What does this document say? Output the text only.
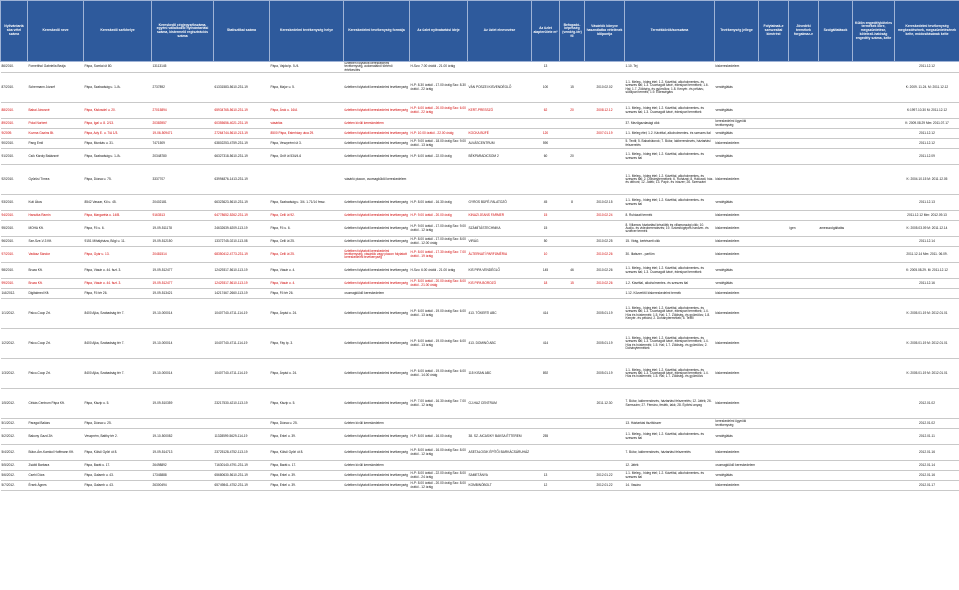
Nyilvántartá sba vétel száma	Kereskedő neve	Kereskedő székhelye	Kereskedő cégjegyzékszáma, egyéni vállalkozói nyilvántartási száma, kistermelő regisztrációs száma	Statisztikai száma	Kereskedelmi tevékenység helye	Kereskedelmi tevékenység formája	Az üzlet nyitvatartási ideje	Az üzlet elnevezése	Az üzlet alapterülete m²	Befogadó-képesség (vendég-tér) fő	Vásárlók könyve használatba vételének időpontja	Termékkörök/sorszáma	Tevékenység jellege	Folytatnak-e szeszesital kimérést	Jövedéki termékek forgalmaz-e	Szolgáltatások	Külön engedélyköteles termékek köre, megszüntetése, kötelező-hatóság engedély száma, kelte	Kereskedelmi tevékenység megkezdésének, megszüntetésének kelte, módosításának kelte
86/2010.	Fornetthol Gabriella Beája	Pápa, Somlai út 80.	13113145		Pápa, Vajda tp. 5./4.	üzletben folytatott kereskedelmi tevékenység, automatából történő értékesítés	H-Szo: 7.00 órától - 21.00 óráig		13			1.10. Tej	kiskereskedelem					2011.12.12
87/2010.	Schermann József	Pápa, Szabadság u. 1./A.	2737892	61331583-5610-231-19	Pápa, Major u. 5.	üzletben folytatott kereskedelmi tevékenység	H-P: 8.30 órától - 17.00 óráig Szo: 8.30 órától - 22 óráig	VÁN POSZEI KISVENDÉGLŐ	100	15	2010.02.02	1.1. Meleg-, hideg étel; 1.2. Kávéital, alkoholmentes- és szeszes ital; 1.3. Csomagolt kávé, édesipari termékek; 1.6. Hal; 1.7. Zöldség- és gyümölcs; 1.8. Kenyér- és pékáru, sütőipari termék; 1.9. Édességáru	vendéglátás					K: 2009. 11.24. M: 2011.12.12
88/2010.	Babai Jánosné	Pápa, Kiskradel u. 20.	27015894	65934765-5610-231-19	Pápa, Árok u. 16/A	üzletben folytatott kereskedelmi tevékenység	H-P: 6.00 órától - 20.00 óráig Szo: 6.00 órától - 22 óráig	KERT-PRESSZÓ	62	20	2008.12.12	1.1. Meleg-, hideg étel; 1.2. Kávéital, alkoholmentes- és szeszes ital; 1.3. Csomagolt kávé, édesipari termékek	vendéglátás					K:1997.10.30 M: 2011.12.12
89/2010.	Polai Norbert	Pápa, Igal u. 8. 2/13.	20383957	60355656-4021-231-19	vásárlás	üzleten kívüli kereskedelem						37. Mezőgazdasági cikk	kereskedelmi ügynöki tevékenység					K: 2009.08.29 Mm: 2011.07.17
9/2009.	Kozma Gazins Bt.	Pápa, Ady E. u. 7/A 1/3.	19-06-509471	27264744-5610-213-19	8500 Pápa, Esterházy utca 29.	üzletben folytatott kereskedelmi tevékenység	H-P: 10.00 órától - 22.00 óráig	KOCKA BÜFÉ	120		2007.01.19	1.1. Meleg étel; 1.2. Kávéital, alkoholmentes- és szeszes ital	vendéglátás					2011.12.12
90/2010.	Pang Emil	Pápa, Munkás u. 31.	7471509	63802253-4759-231-19	Pápa, Veszprémi út 3.	üzletben folytatott kereskedelmi tevékenység	H-P: 9.00 órától - 18.00 óráig Szo: 9.00 órától - 13 óráig	ALVÁSCENTRUM	590			5. Textil; 5. Bababútorok; 7. Bútor, lakberendezés, háztartási felszerelés	kiskereskedelem					2011.12.12
91/2010.	Csík Károly Balázsné	Pápa, Szabadság u. 1./A.	20348780	66327318-5610-231-19	Pápa, Grőf út 534/4-6	üzletben folytatott kereskedelmi tevékenység	H-P: 6.00 órától - 22.00 óráig	BÉKPARADICSOM 2	60	20		1.1. Meleg-, hideg étel; 1.2. Kávéital, alkoholmentes- és szeszes ital	vendéglátás					2011.12.09
92/2010.	Gyürüsi Tímea	Pápa, Dózsa u. 75.	3337707	63994876-1413-231-19		vásárló piacon, csomagküldő kereskedelem						1.1. Meleg-, hideg étel; 1.2. Kávéital, alkoholmentes- és szeszes ital; 2. Dohánytermékek; 6. Ruházat; 8. Hálózati, ház- és otthoni; 12. Játék; 13. Papír- és írószer; 26. Szerszám	kiskereskedelem					K: 2004.10.15 M: 2011.12.05
93/2010.	Kuti Ákos	8542 Vaszar, Kő u. 45.	20402181	66323623-5610-231-19	Pápa, Szabadság u. 3/4. 1.71/14 fmsz.	üzletben folytatott kereskedelmi tevékenység	H-P: 8.00 órától - 16.30 óráig	GYROS BÜFÉ-FALATOZÓ	45	8	2010.02.15	1.1. Meleg-, hideg étel; 1.2. Kávéital, alkoholmentes- és szeszes ital	vendéglátás					2011.12.13
94/2010.	Hanutka Ramin	Pápa, Margaréta u. 14/B.	9163513	64778652-5262-231-19	Pápa, Celli út 92.	üzletben folytatott kereskedelmi tevékenység	H-P: 9.00 órától - 20.00 óráig	KINAZI JEANS FARMER	15		2010.02.24	8. Ruházati termék	kiskereskedelem					2011.12.12 Mm: 2012.09.13
95/2010.	MOHA Kft.	Pápa, Fő u. 6.	19-09-511178	24632639-6209-113-19	Pápa, Fő u. 6.	üzletben folytatott kereskedelmi tevékenység	H-P: 9.00 órától - 17.00 óráig Szo: 9.00 órától - 12 óráig	SZÁMÍTÁSTECHNIKA	15			8. Villamos háztartási készülék és villamossági cikk; 10. Audio- és videoberendezés; 19. Számítógépes hardver- és szoftver termék	kiskereskedelem		igen	amesszolgáltatás		K: 2005.03.09 M: 2011.12.14
96/2010.	Sze-Sze-V-3 Kft.	9151 Mihályháza, Bögi u. 11.	19-09-512150	13372745-0210-113-08	Pápa, Celli út 25.	üzletben folytatott kereskedelmi tevékenység	H-P: 8.00 órától - 17.00 óráig Szo: 8.00 órától - 12.00 óráig	VIRÁG	50		2010.02.25	15. Virág, kertészeti cikk	kiskereskedelem					2011.12.14
97/2010.	Vadász Sándor	Pápa, Gyár u. 13.	20481514	68350412-4773-231-19	Pápa, Celli út 25.	üzletben folytatott kereskedelmi tevékenység, vásárlók vagy piacon folytatott kereskedelmi tevékenység	H-P: 8.00 órától - 17.30 óráig Szo: 7.00 órától - 19 óráig	ÁLTERNATÍ PARFÜMÉRIA	10		2010.02.26	30. Illatszer - parfüm	kiskereskedelem					2011.12.14 Mm: 2011. 06.09.
98/2010.	Bruza Kft.	Pápa, Vásár u. 44. fszt. 3.	19-09-512477	12429317-5610-113-19	Pápa, Vásár u. 4.	üzletben folytatott kereskedelmi tevékenység	H-Szo: 6.00 órától - 21.00 óráig	KIS PIPA VENDÉGLŐ	145	46	2010.02.26	1.1. Meleg-, hideg étel; 1.2. Kávéital, alkoholmentes- és szeszes ital; 1.3. Csomagolt kávé, édesipari termékek	vendéglátás					K: 2005.08.29. M: 2011.12.12
99/2010.	Bruza Kft.	Pápa, Vásár u. 44. fszt. 3.	19-09-512477	12429317-5610-113-19	Pápa, Vásár u. 4.	üzletben folytatott kereskedelmi tevékenység	H-P: 8.00 órától - 20.00 óráig Szo: 8.00 órától - 21.00 óráig	KIS PIPA BOROZÓ	18	15	2010.02.26	1.2. Kávéital, alkoholmentes- és szeszes ital	vendéglátás					2011.12.16
1/A/2012.	Digitalmed Kft.	Pápa, Fő tér 26.	19-09-513421	14217467-2660-113-19	Pápa, Fő tér 26.	csomagküldő kereskedelem						1.12. Közvetítő kiskereskedelmi termék	kiskereskedelem					
1/1/2012.	Palco-Coop Zrt.	8400 Ajka, Szabadság tér 7.	19-10-000014	10407740-4711-114-19	Pápa, Árpád u. 24.	üzletben folytatott kereskedelmi tevékenység	H-P: 6.00 órától - 19.00 óráig Szo: 6.00 órától - 13 óráig	413. TÓKERTI ABC	414		2005.01.19	1.1. Meleg-, hideg étel; 1.2. Kávéital, alkoholmentes- és szeszes ital; 1.3. Csomagolt kávé, édesipari termékek; 1.4. Hús és hústermék; 1.5. Hal; 1.7. Zöldség- és gyümölcs; 1.8. Kenyér- és pékáru; 2. Dohánytermékek; 5. Textil	kiskereskedelem					K: 2005.01.19 M: 2012.01.01
1/2/2012.	Palco-Coop Zrt.	8400 Ajka, Szabadság tér 7.	19-10-000014	10407740-4711-114-19	Pápa, Fáy tp. 3.	üzletben folytatott kereskedelmi tevékenység	H-P: 6.00 órától - 19.00 óráig Szo: 6.00 órától - 13 óráig	413. DOMINÓ ABC	414		2005.01.19	1.1. Meleg-, hideg étel; 1.2. Kávéital, alkoholmentes- és szeszes ital; 1.3. Csomagolt kávé, édesipari termékek; 1.4. Hús és hústermék; 1.5. Hal; 1.7. Zöldség- és gyümölcs; 2. Dohánytermékek	kiskereskedelem					K: 2005.01.19 M: 2012.01.01
1/3/2012.	Palco-Coop Zrt.	8400 Ajka, Szabadság tér 7.	19-10-000014	10407740-4711-114-19	Pápa, Árpád u. 24.	üzletben folytatott kereskedelmi tevékenység	H-P: 6.00 órától - 19.00 óráig Szo: 6.00 órától - 14.00 óráig	115 KISAN ABC	892		2005.01.19	1.1. Meleg-, hideg étel; 1.2. Kávéital, alkoholmentes- és szeszes ital; 1.3. Csomagolt kávé, édesipari termékek; 1.4. Hús és hústermék; 1.5. Hal; 1.7. Zöldség- és gyümölcs	kiskereskedelem					K: 2005.01.19 M: 2012.01.01
1/5/2012.	Cékás Centrum Pápa Kft.	Pápa, Kiszip u. 5.	19-09-510359	23217530-4210-113-19	Pápa, Kiszip u. 5.	üzletben folytatott kereskedelmi tevékenység	H-P: 7.00 órától - 16.30 óráig Szo: 7.00 órától - 12 óráig	GJ-HAZ CENTRUM			2011.12.30	7. Bútor, lakberendezés, háztartási felszerelés; 12. Játék; 26. Szerszám; 27. Fémáru, festék, lakk; 28. Építési anyag	kiskereskedelem					2012.01.02
5/1/2012.	Paragai Balázs	Pápa, Dózsa u. 25.			Pápa, Dózsa u. 25.	üzleten kívüli kereskedelem						13. Háztartási tisztítószer	kereskedelmi ügynöki tevékenység					2012.01.02
5/2/2012.	Bakony Gazd Zrt.	Veszprém, Batthy tér 2.	19-10-500082	11328599-5629-114-19	Pápa, Erkel u. 39.	üzletben folytatott kereskedelmi tevékenység	H-P: 8.00 órától - 16.00 óráig	38. SZ. AICAS/KY BAKSA ÉTTEREM	255			1.1. Meleg-, hideg étel; 1.2. Kávéital, alkoholmentes- és szeszes ital	vendéglátás					2012.01.11
5/4/2012.	Bútor-Ám-Kamkol Hoffmann Kft.	Pápa, Külső Győri út 8.	19-09-514713	23725128-4752-113-19	Pápa, Külső Győri út 8.	üzletben folytatott kereskedelmi tevékenység	H-P: 8.00 órától - 16.00 óráig Szo: 8.00 órától - 12 óráig	ASETALOGIK ÉPÍTŐI BARKÁCSÁRUHÁZ				7. Bútor, lakberendezés, háztartási felszerelés	kiskereskedelem					2012.01.16
5/5/2012.	Zsábli Barbara	Pápa, Barát u. 17.	26498892	71630140-4791-231-19	Pápa, Barát u. 17.	üzleten kívüli kereskedelem						12. Játék	csomagküldő kereskedelem					2012.01.14
5/6/2012.	Csehi Dóra	Pápa, Galamb u. 43.	17345888	65680630-5610-231-19	Pápa, Erkel u. 39.	üzletben folytatott kereskedelmi tevékenység	H-P: 8.00 órától - 22.00 óráig Szo: 8.00 órától - 24 óráig	SAMETÁNYA	13		2012.01.22	1.1. Meleg-, hideg étel; 1.2. Kávéital, alkoholmentes- és szeszes ital	vendéglátás					2012.01.16
5/7/2012.	Érsek Ágnes	Pápa, Galamb u. 43.	26300494	65749841-4752-231-19	Pápa, Erkel u. 39.	üzletben folytatott kereskedelmi tevékenység	H-P: 8.00 órától - 20.00 óráig Szo: 8.00 órától - 12 óráig	KOMBINÓBOLT	12		2012.01.22	14. Vasáru	kiskereskedelem					2012.01.17
